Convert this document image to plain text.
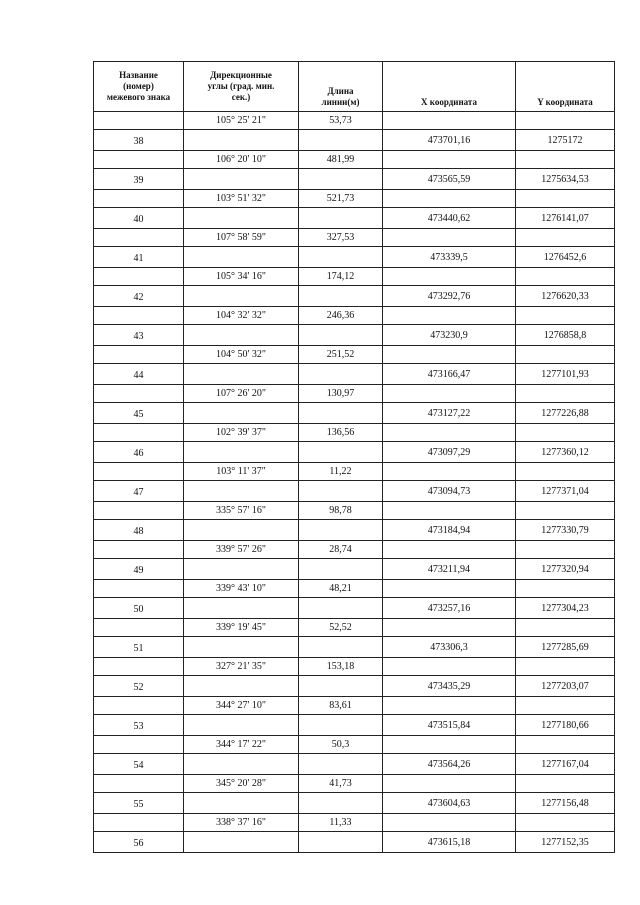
Название
(номер)
межевого знака	Дирекционные
углы (град. мин.
сек.)	Длина
линии(м)	Х координата	Y координата
	105° 25' 21"	53,73		
38			473701,16	1275172
	106° 20' 10"	481,99		
39			473565,59	1275634,53
	103° 51' 32"	521,73		
40			473440,62	1276141,07
	107° 58' 59"	327,53		
41			473339,5	1276452,6
	105° 34' 16"	174,12		
42			473292,76	1276620,33
	104° 32' 32"	246,36		
43			473230,9	1276858,8
	104° 50' 32"	251,52		
44			473166,47	1277101,93
	107° 26' 20"	130,97		
45			473127,22	1277226,88
	102° 39' 37"	136,56		
46			473097,29	1277360,12
	103° 11' 37"	11,22		
47			473094,73	1277371,04
	335° 57' 16"	98,78		
48			473184,94	1277330,79
	339° 57' 26"	28,74		
49			473211,94	1277320,94
	339° 43' 10"	48,21		
50			473257,16	1277304,23
	339° 19' 45"	52,52		
51			473306,3	1277285,69
	327° 21' 35"	153,18		
52			473435,29	1277203,07
	344° 27' 10"	83,61		
53			473515,84	1277180,66
	344° 17' 22"	50,3		
54			473564,26	1277167,04
	345° 20' 28"	41,73		
55			473604,63	1277156,48
	338° 37' 16"	11,33		
56			473615,18	1277152,35
